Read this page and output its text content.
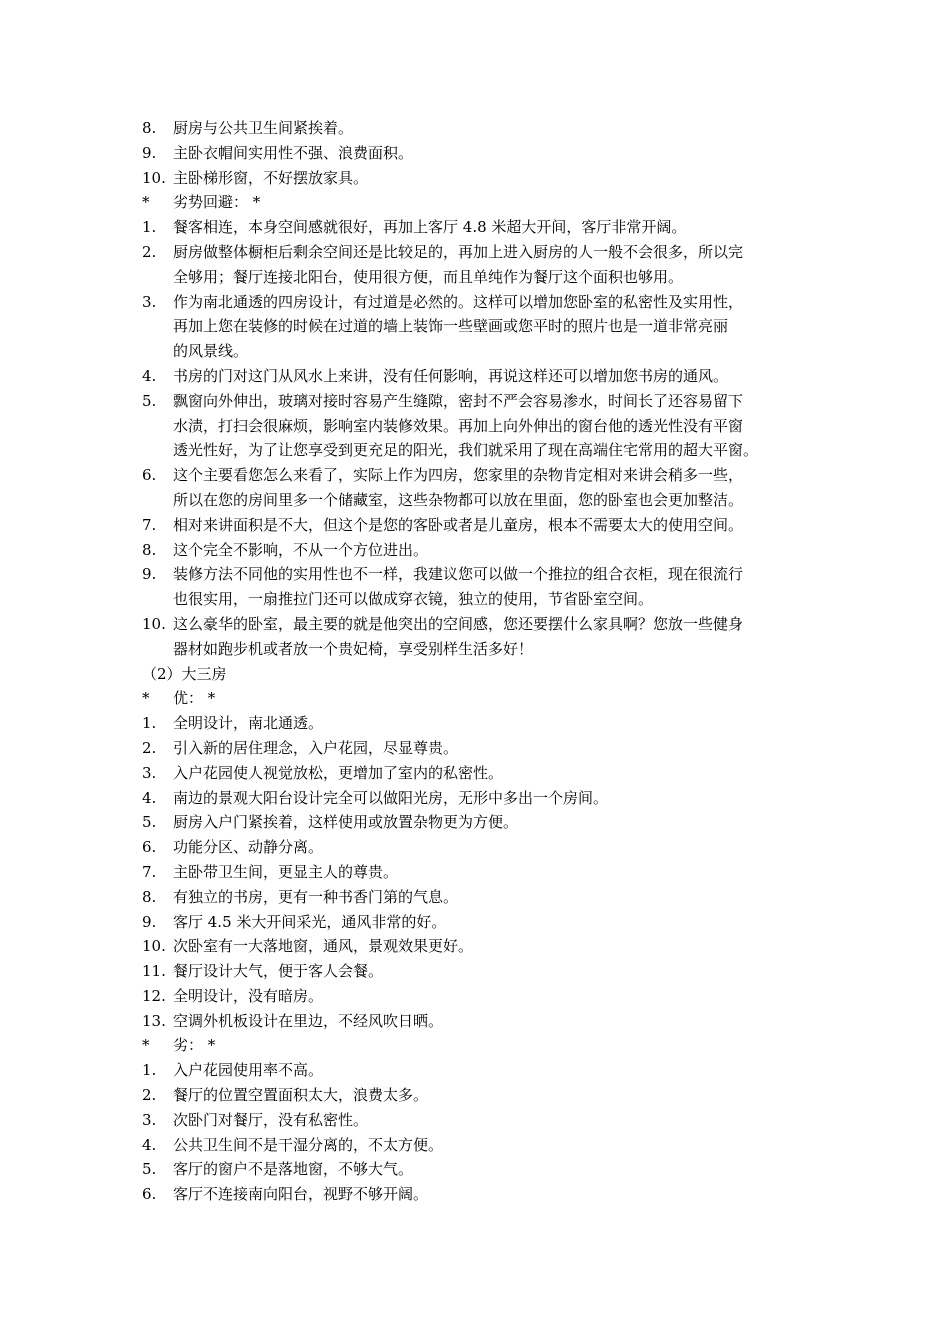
8. 厨房与公共卫生间紧挨着。
9. 主卧衣帽间实用性不强、浪费面积。
10. 主卧梯形窗，不好摆放家具。
* 劣势回避： *
1. 餐客相连，本身空间感就很好，再加上客厅 4.8 米超大开间，客厅非常开阔。
2. 厨房做整体橱柜后剩余空间还是比较足的，再加上进入厨房的人一般不会很多，所以完
全够用；餐厅连接北阳台，使用很方便，而且单纯作为餐厅这个面积也够用。
3. 作为南北通透的四房设计，有过道是必然的。这样可以增加您卧室的私密性及实用性，
再加上您在装修的时候在过道的墙上装饰一些壁画或您平时的照片也是一道非常亮丽
的风景线。
4. 书房的门对这门从风水上来讲，没有任何影响，再说这样还可以增加您书房的通风。
5. 飘窗向外伸出，玻璃对接时容易产生缝隙，密封不严会容易渗水，时间长了还容易留下
水渍，打扫会很麻烦，影响室内装修效果。再加上向外伸出的窗台他的透光性没有平窗
透光性好，为了让您享受到更充足的阳光，我们就采用了现在高端住宅常用的超大平窗。
6. 这个主要看您怎么来看了，实际上作为四房，您家里的杂物肯定相对来讲会稍多一些，
所以在您的房间里多一个储藏室，这些杂物都可以放在里面，您的卧室也会更加整洁。
7. 相对来讲面积是不大，但这个是您的客卧或者是儿童房，根本不需要太大的使用空间。
8. 这个完全不影响，不从一个方位进出。
9. 装修方法不同他的实用性也不一样，我建议您可以做一个推拉的组合衣柜，现在很流行
也很实用，一扇推拉门还可以做成穿衣镜，独立的使用，节省卧室空间。
10. 这么豪华的卧室，最主要的就是他突出的空间感，您还要摆什么家具啊？您放一些健身
器材如跑步机或者放一个贵妃椅，享受别样生活多好！
（2）大三房
* 优： *
1. 全明设计，南北通透。
2. 引入新的居住理念，入户花园，尽显尊贵。
3. 入户花园使人视觉放松，更增加了室内的私密性。
4. 南边的景观大阳台设计完全可以做阳光房，无形中多出一个房间。
5. 厨房入户门紧挨着，这样使用或放置杂物更为方便。
6. 功能分区、动静分离。
7. 主卧带卫生间，更显主人的尊贵。
8. 有独立的书房，更有一种书香门第的气息。
9. 客厅 4.5 米大开间采光，通风非常的好。
10. 次卧室有一大落地窗，通风，景观效果更好。
11. 餐厅设计大气，便于客人会餐。
12. 全明设计，没有暗房。
13. 空调外机板设计在里边，不经风吹日晒。
* 劣： *
1. 入户花园使用率不高。
2. 餐厅的位置空置面积太大，浪费太多。
3. 次卧门对餐厅，没有私密性。
4. 公共卫生间不是干湿分离的，不太方便。
5. 客厅的窗户不是落地窗，不够大气。
6. 客厅不连接南向阳台，视野不够开阔。
